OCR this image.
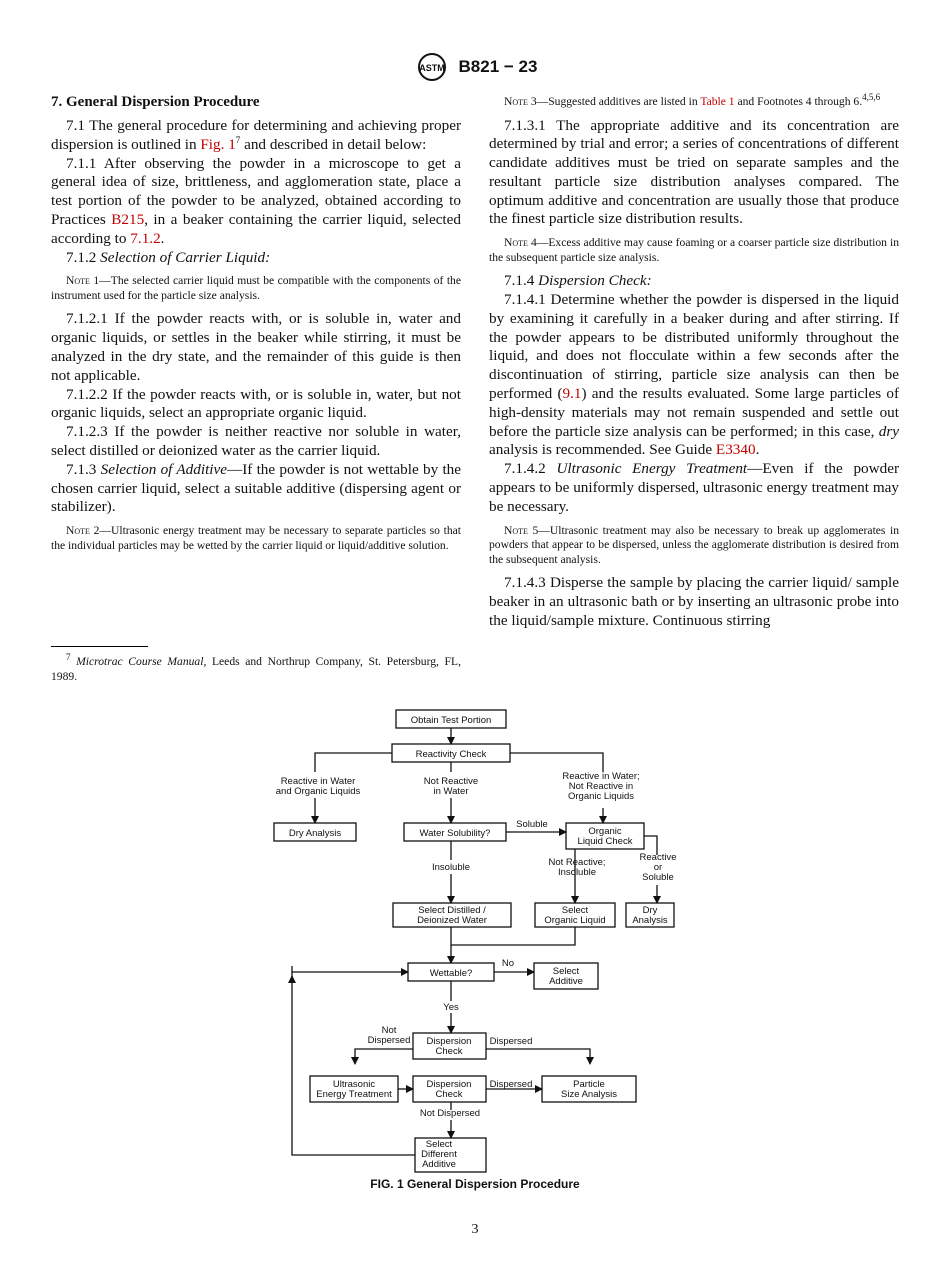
ASTM B821 − 23
7. General Dispersion Procedure

7.1 The general procedure for determining and achieving proper dispersion is outlined in Fig. $1^7$ and described in detail below:

7.1.1 After observing the powder in a microscope to get a general idea of size, brittleness, and agglomeration state, place a test portion of the powder to be analyzed, obtained according to Practices B215, in a beaker containing the carrier liquid, selected according to 7.1.2.

7.1.2 Selection of Carrier Liquid:

Note 1—The selected carrier liquid must be compatible with the components of the instrument used for the particle size analysis.

7.1.2.1 If the powder reacts with, or is soluble in, water and organic liquids, or settles in the beaker while stirring, it must be analyzed in the dry state, and the remainder of this guide is then not applicable.

7.1.2.2 If the powder reacts with, or is soluble in, water, but not organic liquids, select an appropriate organic liquid.

7.1.2.3 If the powder is neither reactive nor soluble in water, select distilled or deionized water as the carrier liquid.

7.1.3 Selection of Additive—If the powder is not wettable by the chosen carrier liquid, select a suitable additive (dispersing agent or stabilizer).

Note 2—Ultrasonic energy treatment may be necessary to separate particles so that the individual particles may be wetted by the carrier liquid or liquid/additive solution.

$^7$ Microtrac Course Manual, Leeds and Northrup Company, St. Petersburg, FL, 1989.

Note 3—Suggested additives are listed in Table 1 and Footnotes 4 through 6.$^{4,5,6}$

7.1.3.1 The appropriate additive and its concentration are determined by trial and error; a series of concentrations of different candidate additives must be tried on separate samples and the resultant particle size distribution analyses compared. The optimum additive and concentration are usually those that produce the finest particle size distribution results.

Note 4—Excess additive may cause foaming or a coarser particle size distribution in the subsequent particle size analysis.

7.1.4 Dispersion Check:

7.1.4.1 Determine whether the powder is dispersed in the liquid by examining it carefully in a beaker during and after stirring. If the powder appears to be distributed uniformly throughout the liquid, and does not flocculate within a few seconds after the discontinuation of stirring, particle size analysis can then be performed (9.1) and the results evaluated. Some large particles of high-density materials may not remain suspended and settle out before the particle size analysis can be performed; in this case, dry analysis is recommended. See Guide E3340.

7.1.4.2 Ultrasonic Energy Treatment—Even if the powder appears to be uniformly dispersed, ultrasonic energy treatment may be necessary.

Note 5—Ultrasonic treatment may also be necessary to break up agglomerates in powders that appear to be dispersed, unless the agglomerate distribution is desired from the subsequent analysis.

7.1.4.3 Disperse the sample by placing the carrier liquid/ sample beaker in an ultrasonic bath or by inserting an ultrasonic probe into the liquid/sample mixture. Continuous stirring

Obtain Test Portion
Reactivity Check
Reactive in Water
and Organic Liquids
Not Reactive
in Water
Reactive in Water;
Not Reactive in
Organic Liquids
Dry Analysis	Water Solubility?
Soluble
Organic
Liquid Check
Insoluble	Not Reactive;
Insoluble
Reactive
or
Soluble
Select Distilled /
Deionized Water
Select
Organic Liquid
Dry
Analysis
Wettable?
No
Select
Additive
Yes
Not
Dispersed Dispersion
Check
Dispersed
Ultrasonic
Energy Treatment
Dispersion
Check
Dispersed	Particle
Size Analysis
Not Dispersed
Select
Different
Additive
FIG. 1 General Dispersion Procedure
3
